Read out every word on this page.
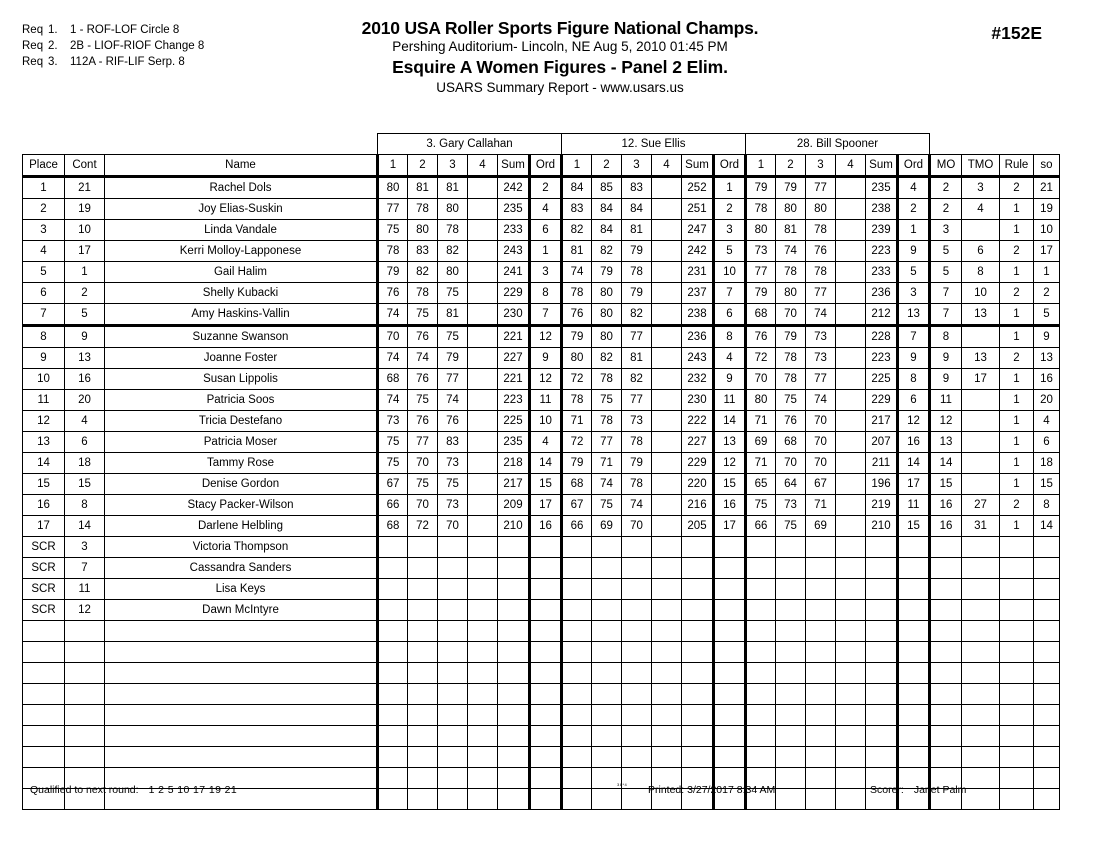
Req 1. 1 - ROF-LOF Circle 8
Req 2. 2B - LIOF-RIOF Change 8
Req 3. 112A - RIF-LIF Serp. 8
2010 USA Roller Sports Figure National Champs.
Pershing Auditorium- Lincoln, NE Aug 5, 2010 01:45 PM
Esquire A Women Figures - Panel 2 Elim.
USARS Summary Report - www.usars.us
#152E
			3. Gary Callahan						12. Sue Ellis						28. Bill Spooner									
Place	Cont	Name	1	2	3	4	Sum	Ord	1	2	3	4	Sum	Ord	1	2	3	4	Sum	Ord	MO	TMO	Rule	so
1	21	Rachel Dols	80	81	81		242	2	84	85	83		252	1	79	79	77		235	4	2	3	2	21
2	19	Joy Elias-Suskin	77	78	80		235	4	83	84	84		251	2	78	80	80		238	2	2	4	1	19
3	10	Linda Vandale	75	80	78		233	6	82	84	81		247	3	80	81	78		239	1	3		1	10
4	17	Kerri Molloy-Lapponese	78	83	82		243	1	81	82	79		242	5	73	74	76		223	9	5	6	2	17
5	1	Gail Halim	79	82	80		241	3	74	79	78		231	10	77	78	78		233	5	5	8	1	1
6	2	Shelly Kubacki	76	78	75		229	8	78	80	79		237	7	79	80	77		236	3	7	10	2	2
7	5	Amy Haskins-Vallin	74	75	81		230	7	76	80	82		238	6	68	70	74		212	13	7	13	1	5
8	9	Suzanne Swanson	70	76	75		221	12	79	80	77		236	8	76	79	73		228	7	8		1	9
9	13	Joanne Foster	74	74	79		227	9	80	82	81		243	4	72	78	73		223	9	9	13	2	13
10	16	Susan Lippolis	68	76	77		221	12	72	78	82		232	9	70	78	77		225	8	9	17	1	16
11	20	Patricia Soos	74	75	74		223	11	78	75	77		230	11	80	75	74		229	6	11		1	20
12	4	Tricia Destefano	73	76	76		225	10	71	78	73		222	14	71	76	70		217	12	12		1	4
13	6	Patricia Moser	75	77	83		235	4	72	77	78		227	13	69	68	70		207	16	13		1	6
14	18	Tammy Rose	75	70	73		218	14	79	71	79		229	12	71	70	70		211	14	14		1	18
15	15	Denise Gordon	67	75	75		217	15	68	74	78		220	15	65	64	67		196	17	15		1	15
16	8	Stacy Packer-Wilson	66	70	73		209	17	67	75	74		216	16	75	73	71		219	11	16	27	2	8
17	14	Darlene Helbling	68	72	70		210	16	66	69	70		205	17	66	75	69		210	15	16	31	1	14
SCR	3	Victoria Thompson																						
SCR	7	Cassandra Sanders																						
SCR	11	Lisa Keys																						
SCR	12	Dawn McIntyre																						

Qualified to next round: 1 2 5 10 17 19 21	38*4 Printed: 3/27/2017 8:34 AM	Scorer: Janet Palm
